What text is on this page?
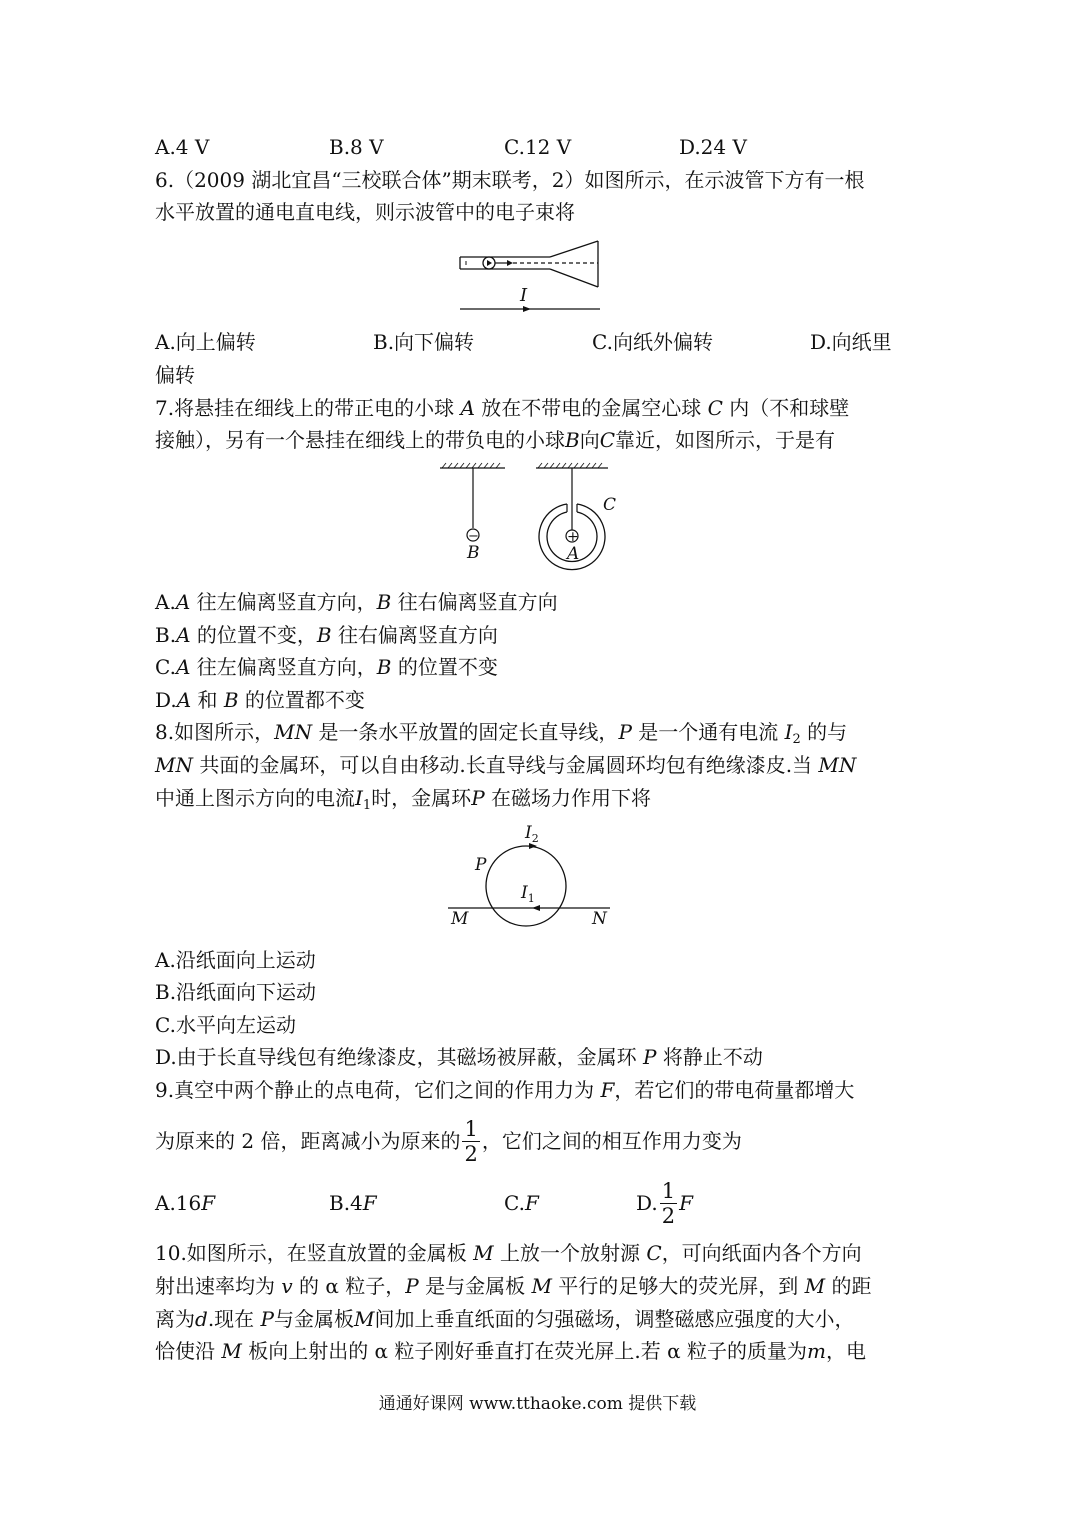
A.4 V	B.8 V	C.12 V	D.24 V
6.（2009 湖北宜昌“三校联合体”期末联考，2）如图所示，在示波管下方有一根
水平放置的通电直电线，则示波管中的电子束将
I
A.向上偏转	B.向下偏转	C.向纸外偏转	D.向纸里
偏转
7.将悬挂在细线上的带正电的小球 A 放在不带电的金属空心球 C 内（不和球壁
接触），另有一个悬挂在细线上的带负电的小球B向C靠近，如图所示，于是有
−
B
+
A
C
A.A 往左偏离竖直方向，B 往右偏离竖直方向
B.A 的位置不变，B 往右偏离竖直方向
C.A 往左偏离竖直方向，B 的位置不变
D.A 和 B 的位置都不变
8.如图所示，MN 是一条水平放置的固定长直导线，P 是一个通有电流 $I_2$ 的与
MN 共面的金属环，可以自由移动.长直导线与金属圆环均包有绝缘漆皮.当 MN
中通上图示方向的电流$I_1$时，金属环P 在磁场力作用下将
$I_2$
P
$I_1$
M	N
A.沿纸面向上运动
B.沿纸面向下运动
C.水平向左运动
D.由于长直导线包有绝缘漆皮，其磁场被屏蔽，金属环 P 将静止不动
9.真空中两个静止的点电荷，它们之间的作用力为 F，若它们的带电荷量都增大
为原来的 2 倍，距离减小为原来的 $\frac{1}{2}$ ，它们之间的相互作用力变为
A.16F	B.4F	C.F	D. $\frac{1}{2}$ F
10.如图所示，在竖直放置的金属板 M 上放一个放射源 C，可向纸面内各个方向
射出速率均为 v 的 α 粒子，P 是与金属板 M 平行的足够大的荧光屏，到 M 的距
离为d.现在 P与金属板M间加上垂直纸面的匀强磁场，调整磁感应强度的大小，
恰使沿 M 板向上射出的 α 粒子刚好垂直打在荧光屏上.若 α 粒子的质量为m，电
通通好课网 www.tthaoke.com 提供下载
